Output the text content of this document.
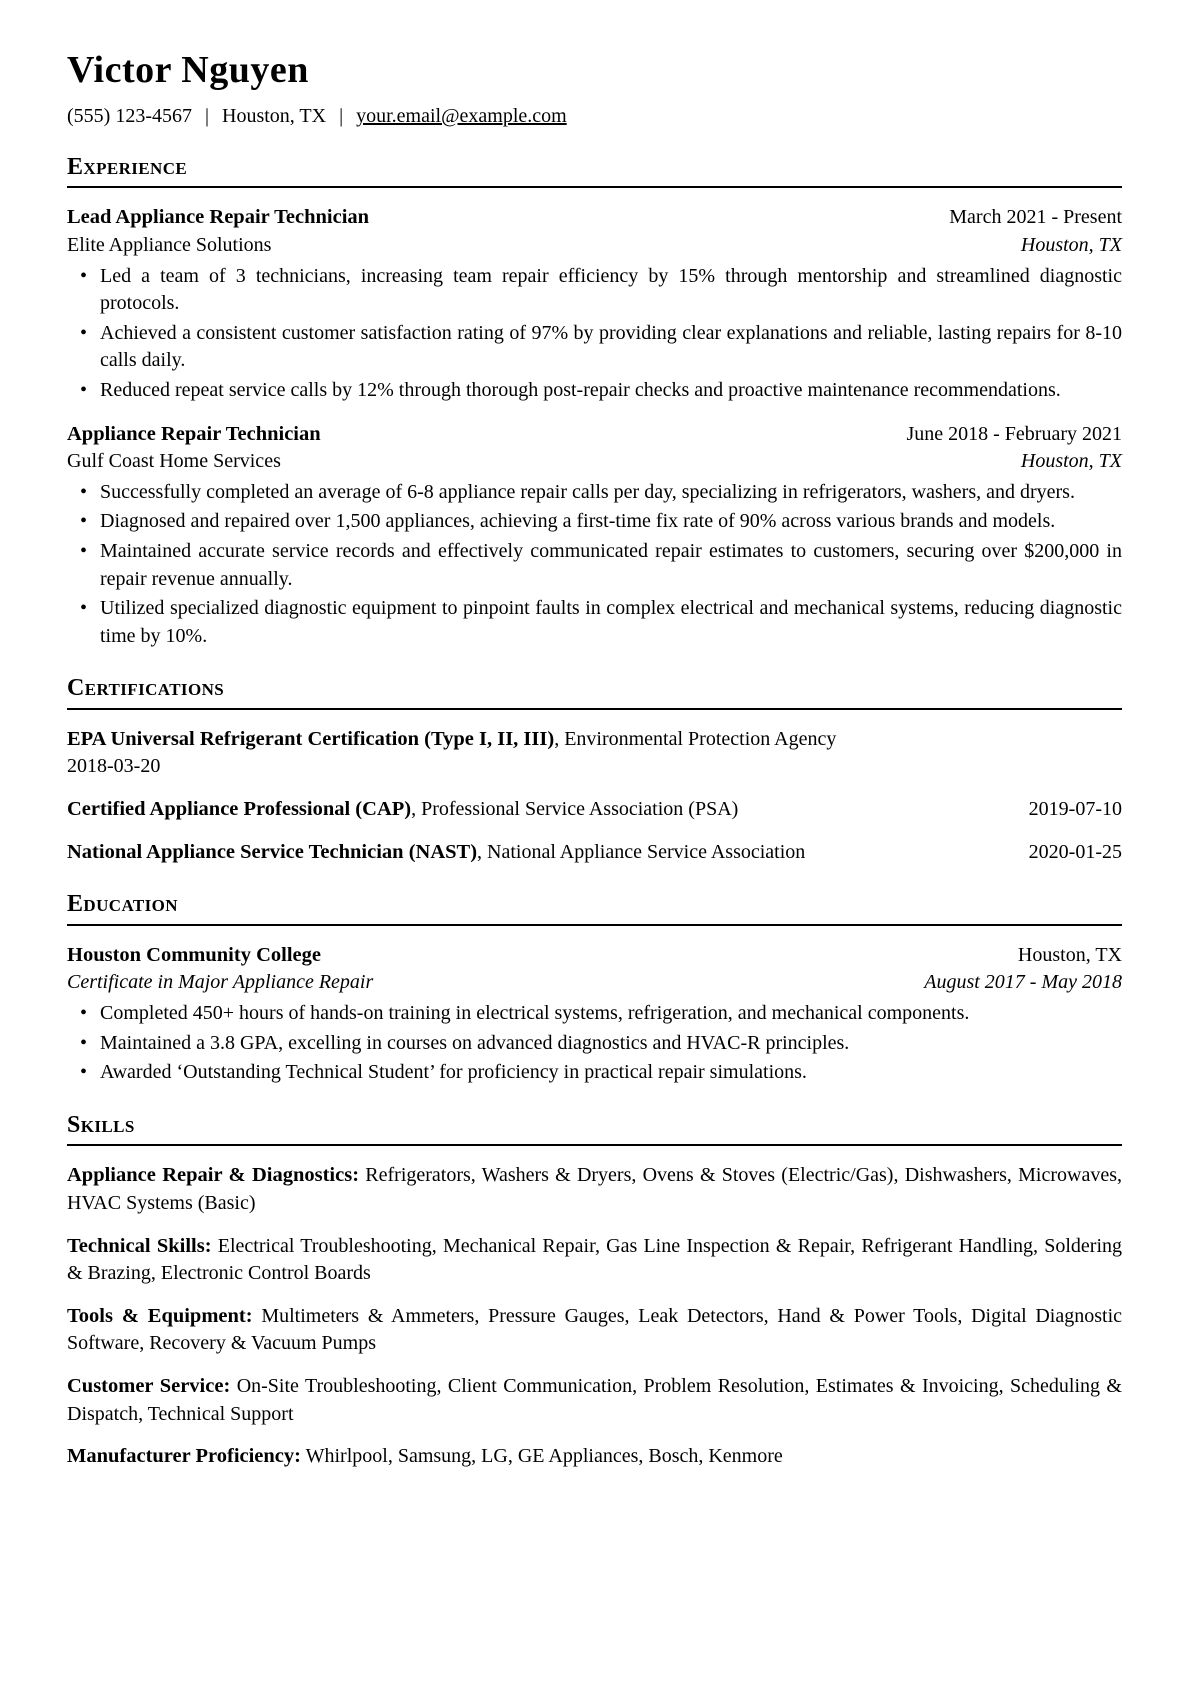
Victor Nguyen
(555) 123-4567 | Houston, TX | your.email@example.com
Experience
Lead Appliance Repair Technician	March 2021 - Present
Elite Appliance Solutions	Houston, TX
• Led a team of 3 technicians, increasing team repair efficiency by 15% through mentorship and streamlined diagnostic protocols.
• Achieved a consistent customer satisfaction rating of 97% by providing clear explanations and reliable, lasting repairs for 8-10 calls daily.
• Reduced repeat service calls by 12% through thorough post-repair checks and proactive maintenance recommendations.
Appliance Repair Technician	June 2018 - February 2021
Gulf Coast Home Services	Houston, TX
• Successfully completed an average of 6-8 appliance repair calls per day, specializing in refrigerators, washers, and dryers.
• Diagnosed and repaired over 1,500 appliances, achieving a first-time fix rate of 90% across various brands and models.
• Maintained accurate service records and effectively communicated repair estimates to customers, securing over $200,000 in repair revenue annually.
• Utilized specialized diagnostic equipment to pinpoint faults in complex electrical and mechanical systems, reducing diagnostic time by 10%.
Certifications
EPA Universal Refrigerant Certification (Type I, II, III), Environmental Protection Agency
2018-03-20
Certified Appliance Professional (CAP), Professional Service Association (PSA)	2019-07-10
National Appliance Service Technician (NAST), National Appliance Service Association	2020-01-25
Education
Houston Community College	Houston, TX
Certificate in Major Appliance Repair	August 2017 - May 2018
• Completed 450+ hours of hands-on training in electrical systems, refrigeration, and mechanical components.
• Maintained a 3.8 GPA, excelling in courses on advanced diagnostics and HVAC-R principles.
• Awarded ‘Outstanding Technical Student’ for proficiency in practical repair simulations.
Skills

Appliance Repair & Diagnostics: Refrigerators, Washers & Dryers, Ovens & Stoves (Electric/Gas), Dishwashers, Microwaves, HVAC Systems (Basic)

Technical Skills: Electrical Troubleshooting, Mechanical Repair, Gas Line Inspection & Repair, Refrigerant Handling, Soldering & Brazing, Electronic Control Boards

Tools & Equipment: Multimeters & Ammeters, Pressure Gauges, Leak Detectors, Hand & Power Tools, Digital Diagnostic Software, Recovery & Vacuum Pumps

Customer Service: On-Site Troubleshooting, Client Communication, Problem Resolution, Estimates & Invoicing, Scheduling & Dispatch, Technical Support

Manufacturer Proficiency: Whirlpool, Samsung, LG, GE Appliances, Bosch, Kenmore
